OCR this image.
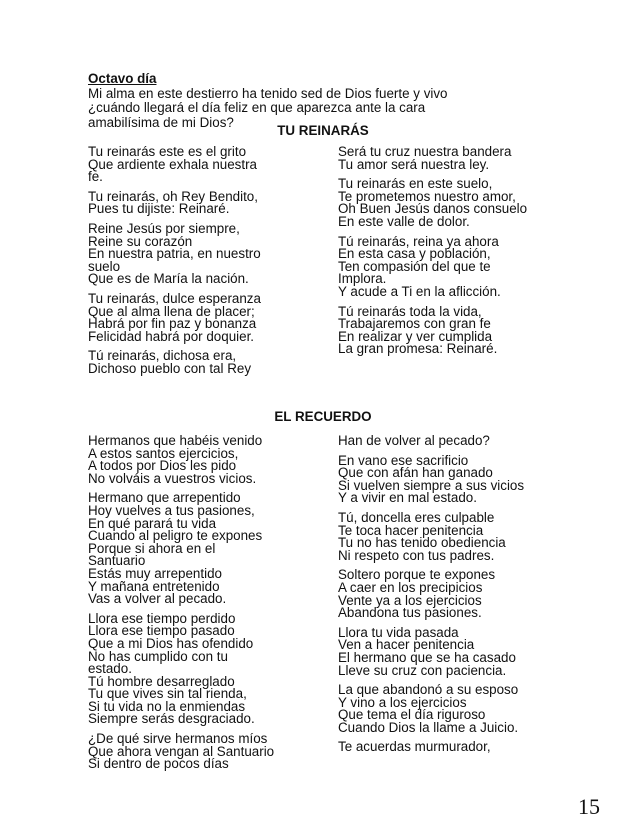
Octavo día
Mi alma en este destierro ha tenido sed de Dios fuerte y vivo
¿cuándo llegará el día feliz en que aparezca ante la cara
amabilísima de mi Dios?
TU REINARÁS
Tu reinarás este es el grito
Que ardiente exhala nuestra
fe.
Tu reinarás, oh Rey Bendito,
Pues tu dijiste: Reinaré.
Reine Jesús por siempre,
Reine su corazón
En nuestra patria, en nuestro
suelo
Que es de María la nación.
Tu reinarás, dulce esperanza
Que al alma llena de placer;
Habrá por fin paz y bonanza
Felicidad habrá por doquier.
Tú reinarás, dichosa era,
Dichoso pueblo con tal Rey
Será tu cruz nuestra bandera
Tu amor será nuestra ley.
Tu reinarás en este suelo,
Te prometemos nuestro amor,
Oh Buen Jesús danos consuelo
En este valle de dolor.
Tú reinarás, reina ya ahora
En esta casa y población,
Ten compasión del que te
Implora.
Y acude a Ti en la aflicción.
Tú reinarás toda la vida,
Trabajaremos con gran fe
En realizar y ver cumplida
La gran promesa: Reinaré.
EL RECUERDO
Hermanos que habéis venido
A estos santos ejercicios,
A todos por Dios les pido
No volváis a vuestros vicios.
Hermano que arrepentido
Hoy vuelves a tus pasiones,
En qué parará tu vida
Cuando al peligro te expones
Porque si ahora en el
Santuario
Estás muy arrepentido
Y mañana entretenido
Vas a volver al pecado.
Llora ese tiempo perdido
Llora ese tiempo pasado
Que a mi Dios has ofendido
No has cumplido con tu
estado.
Tú hombre desarreglado
Tu que vives sin tal rienda,
Si tu vida no la enmiendas
Siempre serás desgraciado.
¿De qué sirve hermanos míos
Que ahora vengan al Santuario
Si dentro de pocos días
Han de volver al pecado?
En vano ese sacrificio
Que con afán han ganado
Si vuelven siempre a sus vicios
Y a vivir en mal estado.
Tú, doncella eres culpable
Te toca hacer penitencia
Tu no has tenido obediencia
Ni respeto con tus padres.
Soltero porque te expones
A caer en los precipicios
Vente ya a los ejercicios
Abandona tus pasiones.
Llora tu vida pasada
Ven a hacer penitencia
El hermano que se ha casado
Lleve su cruz con paciencia.
La que abandonó a su esposo
Y vino a los ejercicios
Que tema el día riguroso
Cuando Dios la llame a Juicio.
Te acuerdas murmurador,
15
